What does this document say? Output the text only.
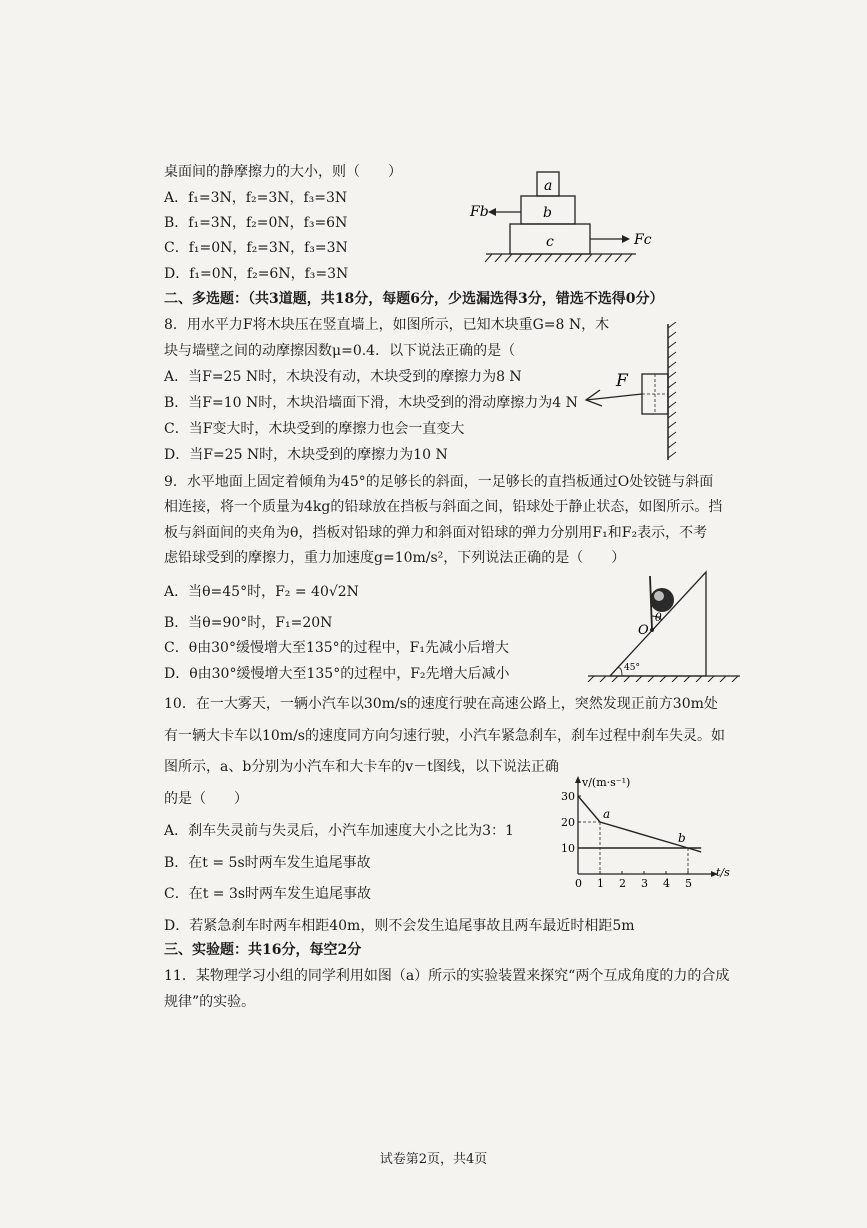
桌面间的静摩擦力的大小，则（　　）
A．f₁=3N，f₂=3N，f₃=3N
B．f₁=3N，f₂=0N，f₃=6N
C．f₁=0N，f₂=3N，f₃=3N
D．f₁=0N，f₂=6N，f₃=3N
a
b
c
Fb
Fc
二、多选题：（共3道题，共18分，每题6分，少选漏选得3分，错选不选得0分）
8．用水平力F将木块压在竖直墙上，如图所示，已知木块重G=8 N，木
块与墙壁之间的动摩擦因数μ=0.4．以下说法正确的是（
A．当F=25 N时，木块没有动，木块受到的摩擦力为8 N
B．当F=10 N时，木块沿墙面下滑，木块受到的滑动摩擦力为4 N
C．当F变大时，木块受到的摩擦力也会一直变大
D．当F=25 N时，木块受到的摩擦力为10 N
F
9．水平地面上固定着倾角为45°的足够长的斜面，一足够长的直挡板通过O处铰链与斜面
相连接，将一个质量为4kg的铅球放在挡板与斜面之间，铅球处于静止状态，如图所示。挡
板与斜面间的夹角为θ，挡板对铅球的弹力和斜面对铅球的弹力分别用F₁和F₂表示，不考
虑铅球受到的摩擦力，重力加速度g=10m/s²，下列说法正确的是（　　）
A．当θ=45°时，F₂ = 40√2N
B．当θ=90°时，F₁=20N
C．θ由30°缓慢增大至135°的过程中，F₁先减小后增大
D．θ由30°缓慢增大至135°的过程中，F₂先增大后减小
O
θ
45°
10．在一大雾天，一辆小汽车以30m/s的速度行驶在高速公路上，突然发现正前方30m处
有一辆大卡车以10m/s的速度同方向匀速行驶，小汽车紧急刹车，刹车过程中刹车失灵。如
图所示，a、b分别为小汽车和大卡车的v－t图线，以下说法正确
的是（　　）
A．刹车失灵前与失灵后，小汽车加速度大小之比为3：1
B．在t = 5s时两车发生追尾事故
C．在t = 3s时两车发生追尾事故
D．若紧急刹车时两车相距40m，则不会发生追尾事故且两车最近时相距5m
t/s
v/(m·s⁻¹)
0 1 2 3 4 5
10
20
30
a
b
三、实验题：共16分，每空2分
11．某物理学习小组的同学利用如图（a）所示的实验装置来探究“两个互成角度的力的合成
规律”的实验。
试卷第2页，共4页
